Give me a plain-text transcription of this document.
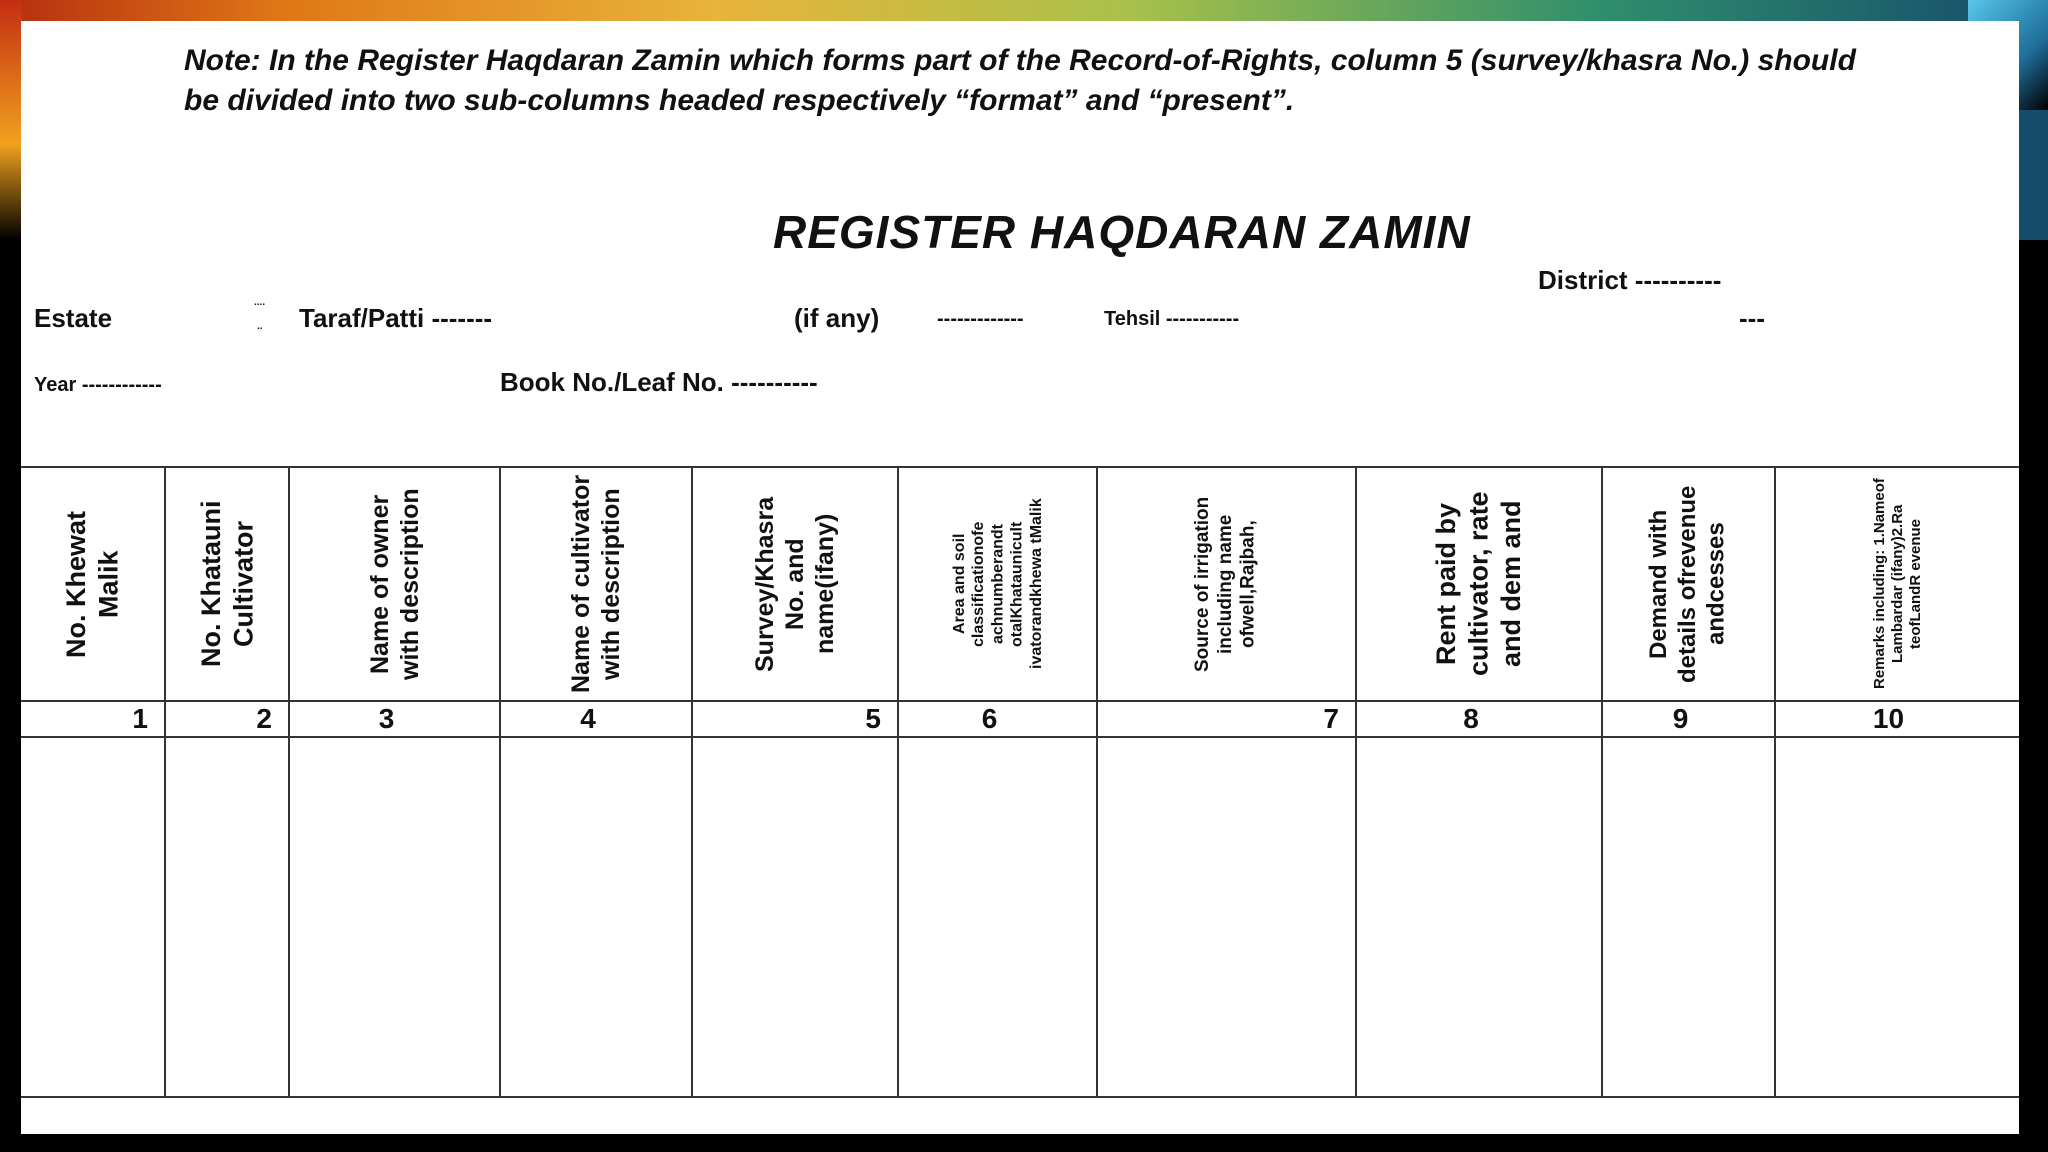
Note: In the Register Haqdaran Zamin which forms part of the Record-of-Rights, column 5 (survey/khasra No.) should be divided into two sub-columns headed respectively “format” and “present”.

REGISTER HAQDARAN ZAMIN
District ----------
---
Estate
....
.. Taraf/Patti -------	(if any)	-------------	Tehsil -----------
Year ------------	Book No./Leaf No. ----------
No. Khewat Malik	No. Khatauni Cultivator	Name of owner with description	Name of cultivator with description	Survey/Khasra No. and name(ifany)	Area and soil classificationofe achnumberandt otalKhataunicult ivatorandkhewa tMalik	Source of irrigation including name ofwell,Rajbah,	Rent paid by cultivator, rate and dem and	Demand with details ofrevenue andcesses	Remarks including: 1.Nameof Lambardar (ifany)2.Ra teofLandR evenue
1	2	3	4	5	6	7	8	9	10
